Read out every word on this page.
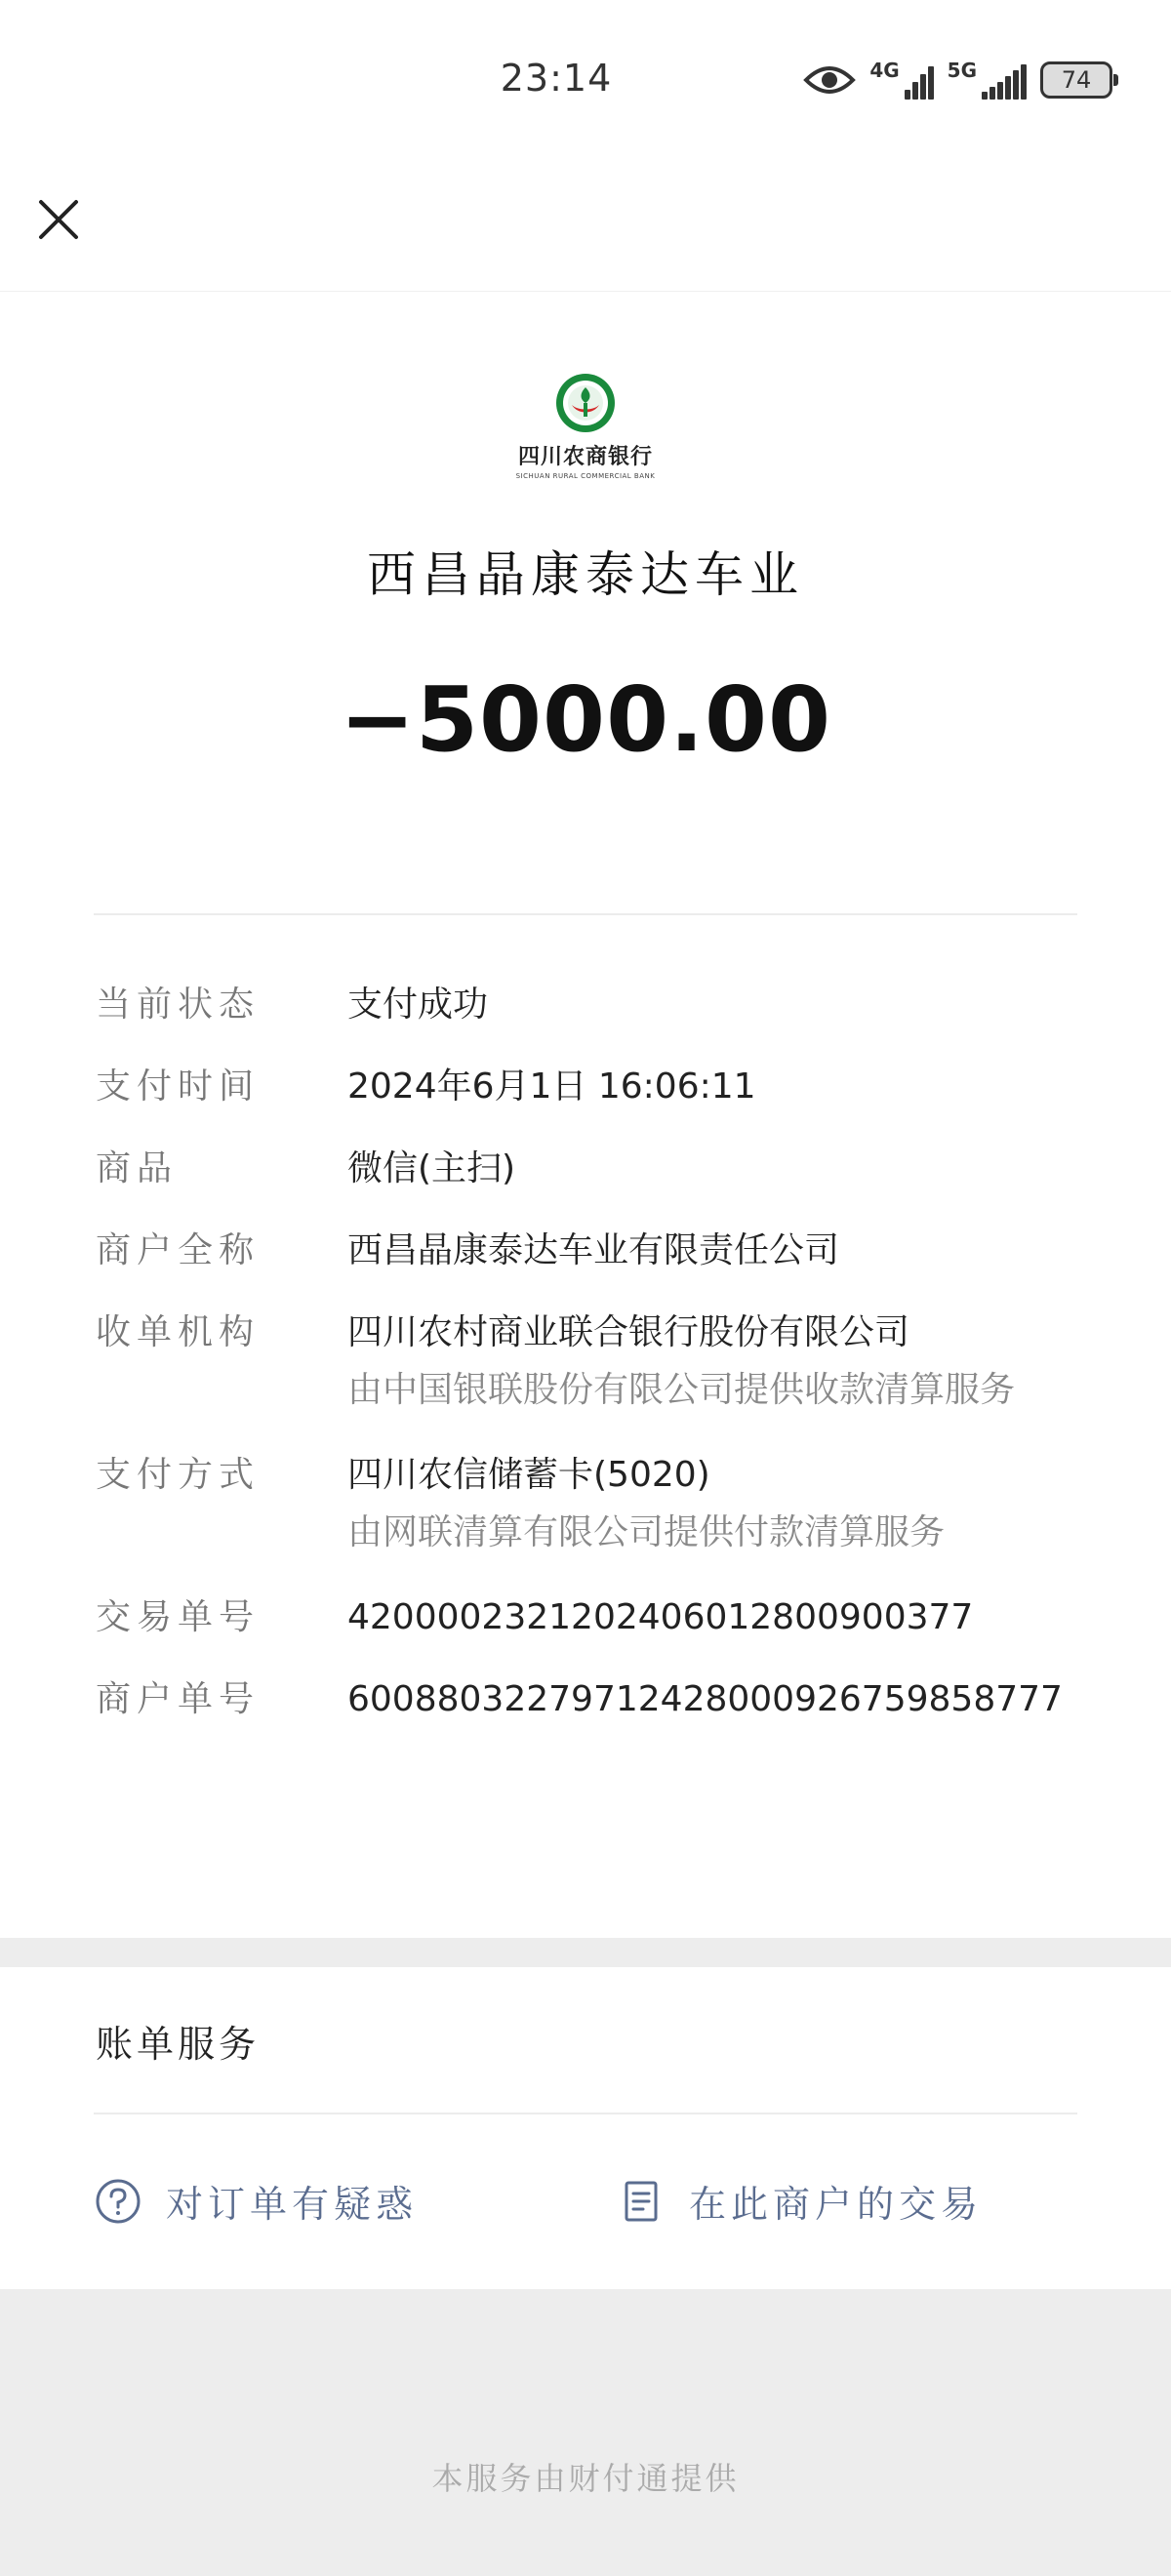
23:14	4G 5G	74
四川农商银行
SICHUAN RURAL COMMERCIAL BANK
西昌晶康泰达车业
−5000.00
当前状态	支付成功
支付时间	2024年6月1日 16:06:11
商品	微信(主扫)
商户全称	西昌晶康泰达车业有限责任公司
收单机构	四川农村商业联合银行股份有限公司
由中国银联股份有限公司提供收款清算服务
支付方式	四川农信储蓄卡(5020)
由网联清算有限公司提供付款清算服务
交易单号	4200002321202406012800900377
商户单号	60088032279712428000926759858777
账单服务
对订单有疑惑	在此商户的交易
本服务由财付通提供
